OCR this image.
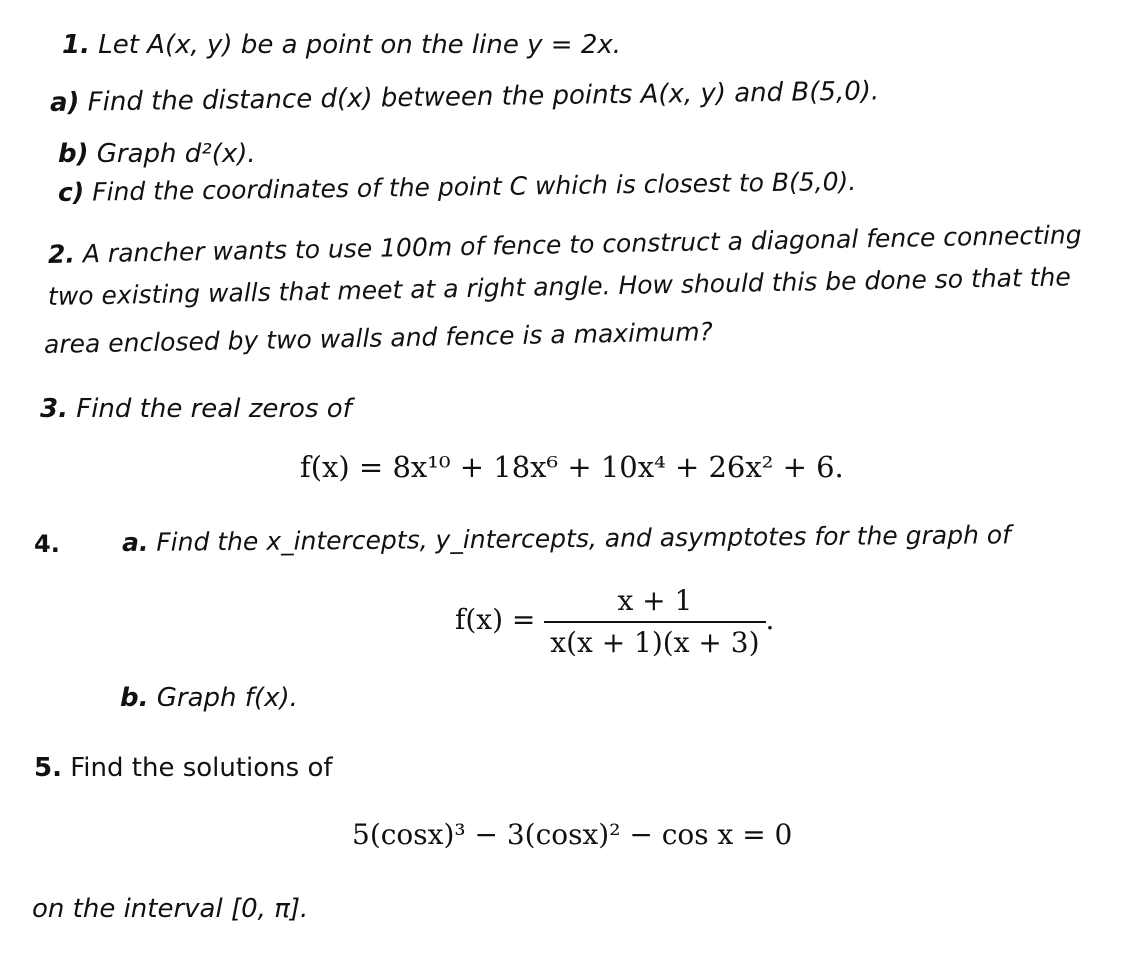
1. Let A(x, y) be a point on the line y = 2x.
a) Find the distance d(x) between the points A(x, y) and B(5,0).
b) Graph d²(x).
c) Find the coordinates of the point C which is closest to B(5,0).
2. A rancher wants to use 100m of fence to construct a diagonal fence connecting
two existing walls that meet at a right angle. How should this be done so that the
area enclosed by two walls and fence is a maximum?
3. Find the real zeros of
f(x) = 8x¹⁰ + 18x⁶ + 10x⁴ + 26x² + 6.
4. a. Find the x_intercepts, y_intercepts, and asymptotes for the graph of
$f(x) = \frac{x + 1}{x(x + 1)(x + 3)}$ .
b. Graph f(x).
5. Find the solutions of
5(cosx)³ − 3(cosx)² − cos x = 0
on the interval [0, π].
